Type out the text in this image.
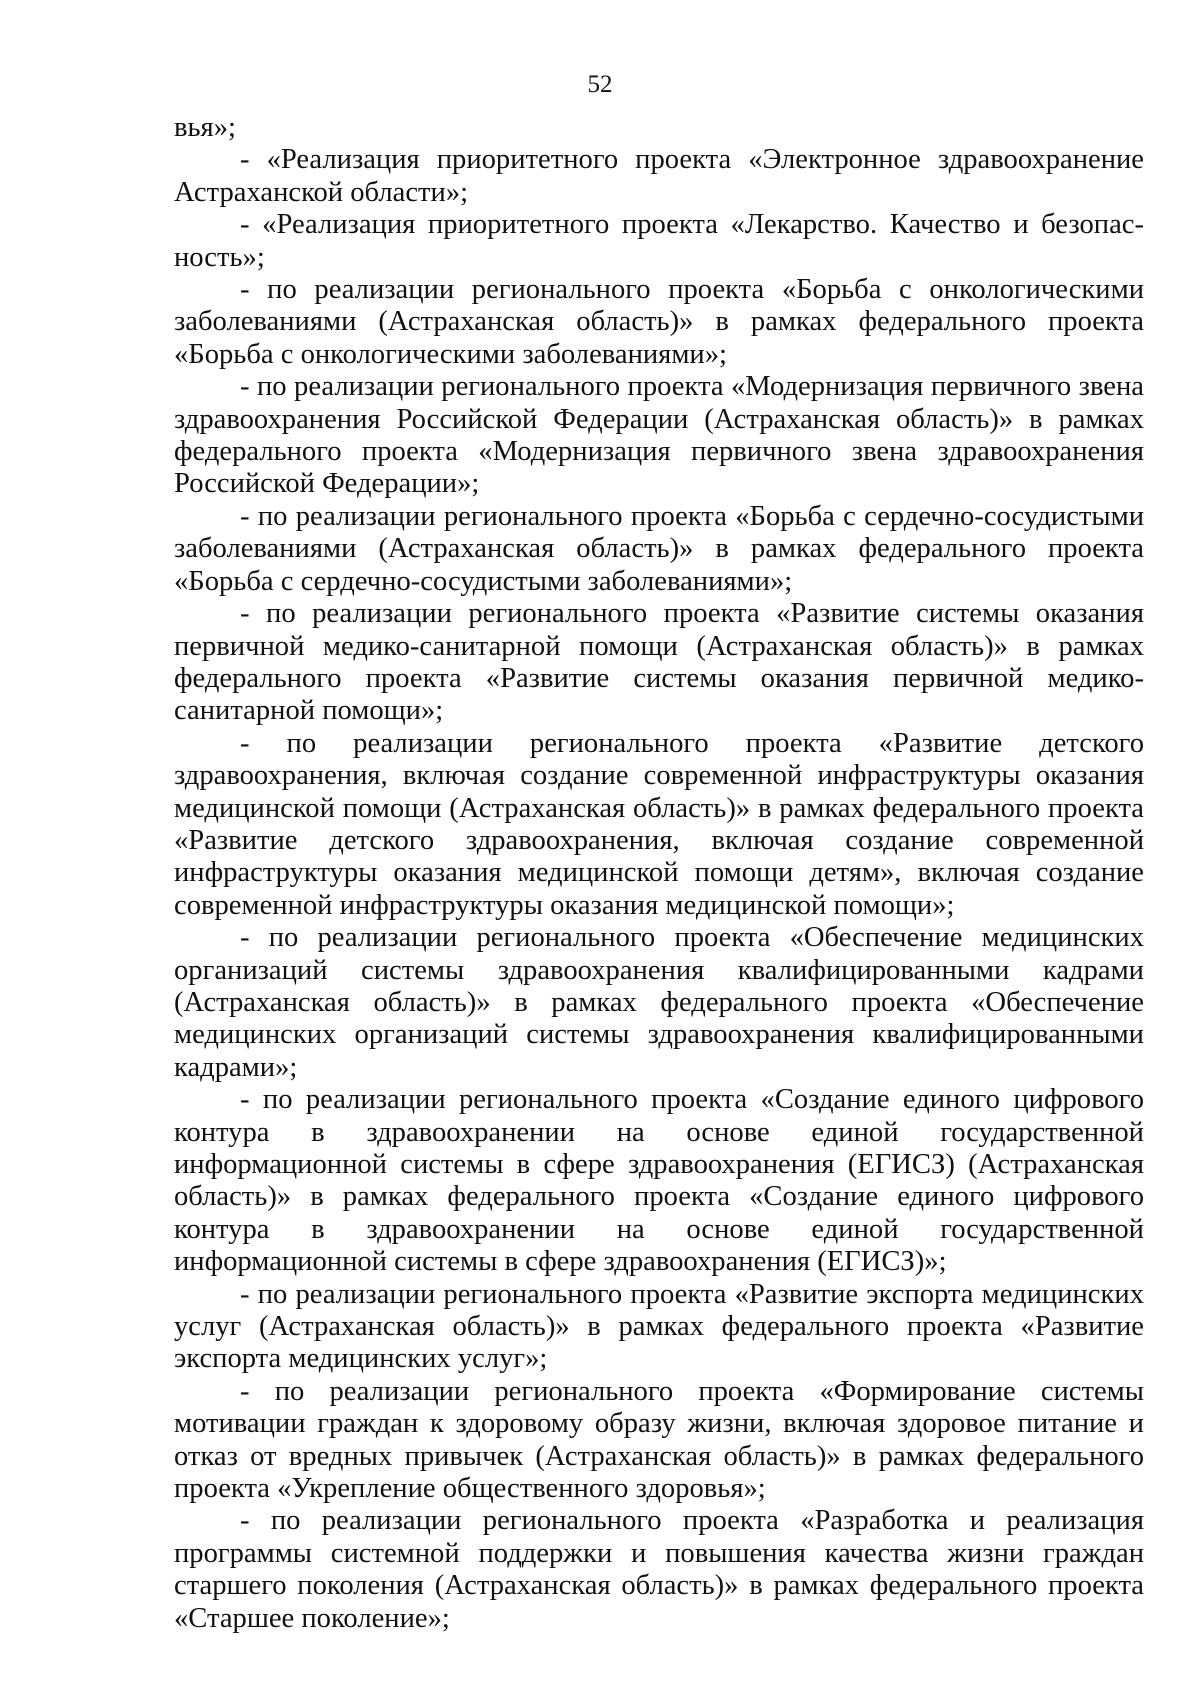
52

вья»;

- «Реализация приоритетного проекта «Электронное здравоохранение Астраханской области»;

- «Реализация приоритетного проекта «Лекарство. Качество и безопасность»;

- по реализации регионального проекта «Борьба с онкологическими заболеваниями (Астраханская область)» в рамках федерального проекта «Борьба с онкологическими заболеваниями»;

- по реализации регионального проекта «Модернизация первичного звена здравоохранения Российской Федерации (Астраханская область)» в рамках федерального проекта «Модернизация первичного звена здравоохранения Российской Федерации»;

- по реализации регионального проекта «Борьба с сердечно-сосудистыми заболеваниями (Астраханская область)» в рамках федерального проекта «Борьба с сердечно-сосудистыми заболеваниями»;

- по реализации регионального проекта «Развитие системы оказания первичной медико-санитарной помощи (Астраханская область)» в рамках федерального проекта «Развитие системы оказания первичной медико-санитарной помощи»;

- по реализации регионального проекта «Развитие детского здравоохранения, включая создание современной инфраструктуры оказания медицинской помощи (Астраханская область)» в рамках федерального проекта «Развитие детского здравоохранения, включая создание современной инфраструктуры оказания медицинской помощи детям», включая создание современной инфраструктуры оказания медицинской помощи»;

- по реализации регионального проекта «Обеспечение медицинских организаций системы здравоохранения квалифицированными кадрами (Астраханская область)» в рамках федерального проекта «Обеспечение медицинских организаций системы здравоохранения квалифицированными кадрами»;

- по реализации регионального проекта «Создание единого цифрового контура в здравоохранении на основе единой государственной информационной системы в сфере здравоохранения (ЕГИСЗ) (Астраханская область)» в рамках федерального проекта «Создание единого цифрового контура в здравоохранении на основе единой государственной информационной системы в сфере здравоохранения (ЕГИСЗ)»;

- по реализации регионального проекта «Развитие экспорта медицинских услуг (Астраханская область)» в рамках федерального проекта «Развитие экспорта медицинских услуг»;

- по реализации регионального проекта «Формирование системы мотивации граждан к здоровому образу жизни, включая здоровое питание и отказ от вредных привычек (Астраханская область)» в рамках федерального проекта «Укрепление общественного здоровья»;

- по реализации регионального проекта «Разработка и реализация программы системной поддержки и повышения качества жизни граждан старшего поколения (Астраханская область)» в рамках федерального проекта «Старшее поколение»;
